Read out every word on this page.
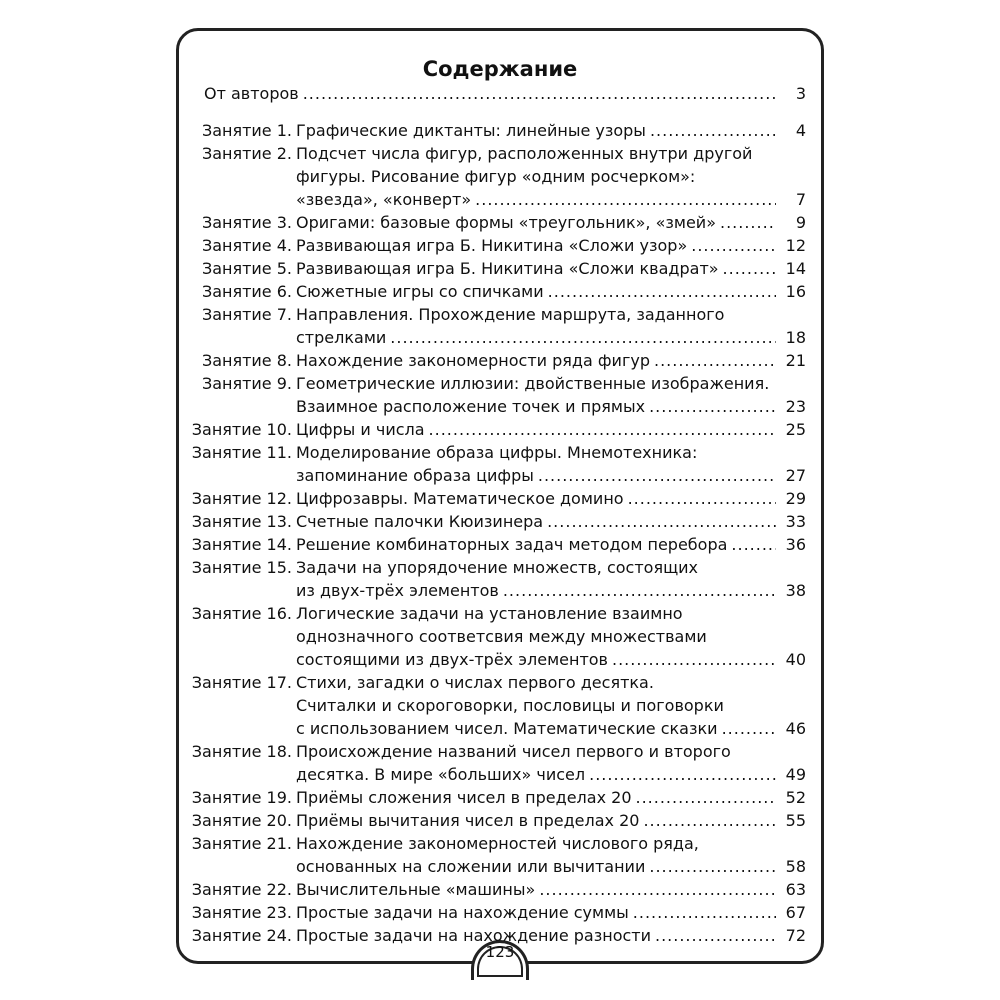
123
Содержание
От авторов .....	3
Занятие 1. Графические диктанты: линейные узоры .....	4
Занятие 2. Подсчет числа фигур, расположенных внутри другой
фигуры. Рисование фигур «одним росчерком»:
«звезда», «конверт» .....	7
Занятие 3. Оригами: базовые формы «треугольник», «змей» .....	9
Занятие 4. Развивающая игра Б. Никитина «Сложи узор» .....	12
Занятие 5. Развивающая игра Б. Никитина «Сложи квадрат» .....	14
Занятие 6. Сюжетные игры со спичками .....	16
Занятие 7. Направления. Прохождение маршрута, заданного
стрелками .....	18
Занятие 8. Нахождение закономерности ряда фигур .....	21
Занятие 9. Геометрические иллюзии: двойственные изображения.
Взаимное расположение точек и прямых .....	23
Занятие 10. Цифры и числа .....	25
Занятие 11. Моделирование образа цифры. Мнемотехника:
запоминание образа цифры .....	27
Занятие 12. Цифрозавры. Математическое домино .....	29
Занятие 13. Счетные палочки Кюизинера .....	33
Занятие 14. Решение комбинаторных задач методом перебора .....	36
Занятие 15. Задачи на упорядочение множеств, состоящих
из двух-трёх элементов .....	38
Занятие 16. Логические задачи на установление взаимно
однозначного соответсвия между множествами
состоящими из двух-трёх элементов .....	40
Занятие 17. Стихи, загадки о числах первого десятка.
Считалки и скороговорки, пословицы и поговорки
с использованием чисел. Математические сказки .....	46
Занятие 18. Происхождение названий чисел первого и второго
десятка. В мире «больших» чисел .....	49
Занятие 19. Приёмы сложения чисел в пределах 20 .....	52
Занятие 20. Приёмы вычитания чисел в пределах 20 .....	55
Занятие 21. Нахождение закономерностей числового ряда,
основанных на сложении или вычитании .....	58
Занятие 22. Вычислительные «машины» .....	63
Занятие 23. Простые задачи на нахождение суммы .....	67
Занятие 24. Простые задачи на нахождение разности .....	72
